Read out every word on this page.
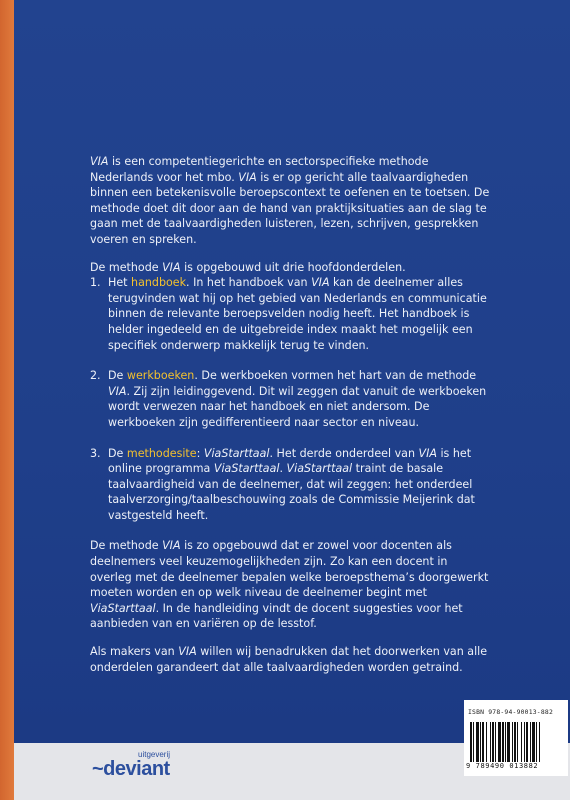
VIA is een competentiegerichte en sectorspecifieke methode Nederlands voor het mbo. VIA is er op gericht alle taalvaardigheden binnen een betekenisvolle beroepscontext te oefenen en te toetsen. De methode doet dit door aan de hand van praktijksituaties aan de slag te gaan met de taalvaardigheden luisteren, lezen, schrijven, gesprekken voeren en spreken.

De methode VIA is opgebouwd uit drie hoofdonderdelen.

1. Het handboek. In het handboek van VIA kan de deelnemer alles terugvinden wat hij op het gebied van Nederlands en communicatie binnen de relevante beroepsvelden nodig heeft. Het handboek is helder ingedeeld en de uitgebreide index maakt het mogelijk een specifiek onderwerp makkelijk terug te vinden.
2. De werkboeken. De werkboeken vormen het hart van de methode VIA. Zij zijn leidinggevend. Dit wil zeggen dat vanuit de werkboeken wordt verwezen naar het handboek en niet andersom. De werkboeken zijn gedifferentieerd naar sector en niveau.
3. De methodesite: ViaStarttaal. Het derde onderdeel van VIA is het online programma ViaStarttaal. ViaStarttaal traint de basale taalvaardigheid van de deelnemer, dat wil zeggen: het onderdeel taalverzorging/taalbeschouwing zoals de Commissie Meijerink dat vastgesteld heeft.

De methode VIA is zo opgebouwd dat er zowel voor docenten als deelnemers veel keuzemogelijkheden zijn. Zo kan een docent in overleg met de deelnemer bepalen welke beroepsthema’s doorgewerkt moeten worden en op welk niveau de deelnemer begint met ViaStarttaal. In de handleiding vindt de docent suggesties voor het aanbieden van en variëren op de lesstof.

Als makers van VIA willen wij benadrukken dat het doorwerken van alle onderdelen garandeert dat alle taalvaardigheden worden getraind.

uitgeverij
~deviant
ISBN 978-94-90013-882
9 789490 013882
